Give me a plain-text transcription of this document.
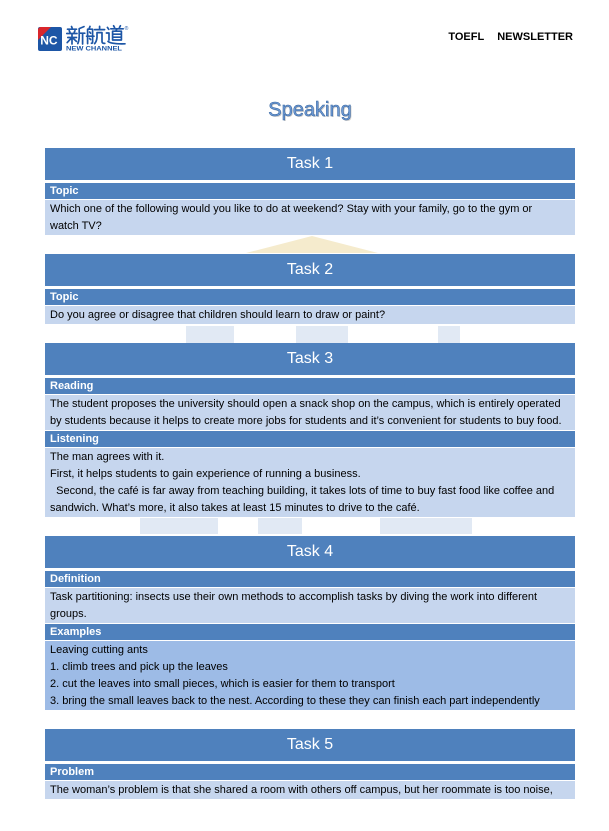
NC
NEW CHANNEL
®
TOEFL NEWSLETTER
Speaking
Task 1
Topic
Which one of the following would you like to do at weekend? Stay with your family, go to the gym or
watch TV?
Task 2
Topic
Do you agree or disagree that children should learn to draw or paint?
Task 3
Reading
The student proposes the university should open a snack shop on the campus, which is entirely operated
by students because it helps to create more jobs for students and it’s convenient for students to buy food.
Listening
The man agrees with it.
First, it helps students to gain experience of running a business.
Second, the café is far away from teaching building, it takes lots of time to buy fast food like coffee and
sandwich. What’s more, it also takes at least 15 minutes to drive to the café.
Task 4
Definition
Task partitioning: insects use their own methods to accomplish tasks by diving the work into different
groups.
Examples
Leaving cutting ants
1. climb trees and pick up the leaves
2. cut the leaves into small pieces, which is easier for them to transport
3. bring the small leaves back to the nest. According to these they can finish each part independently
Task 5
Problem
The woman’s problem is that she shared a room with others off campus, but her roommate is too noise,
